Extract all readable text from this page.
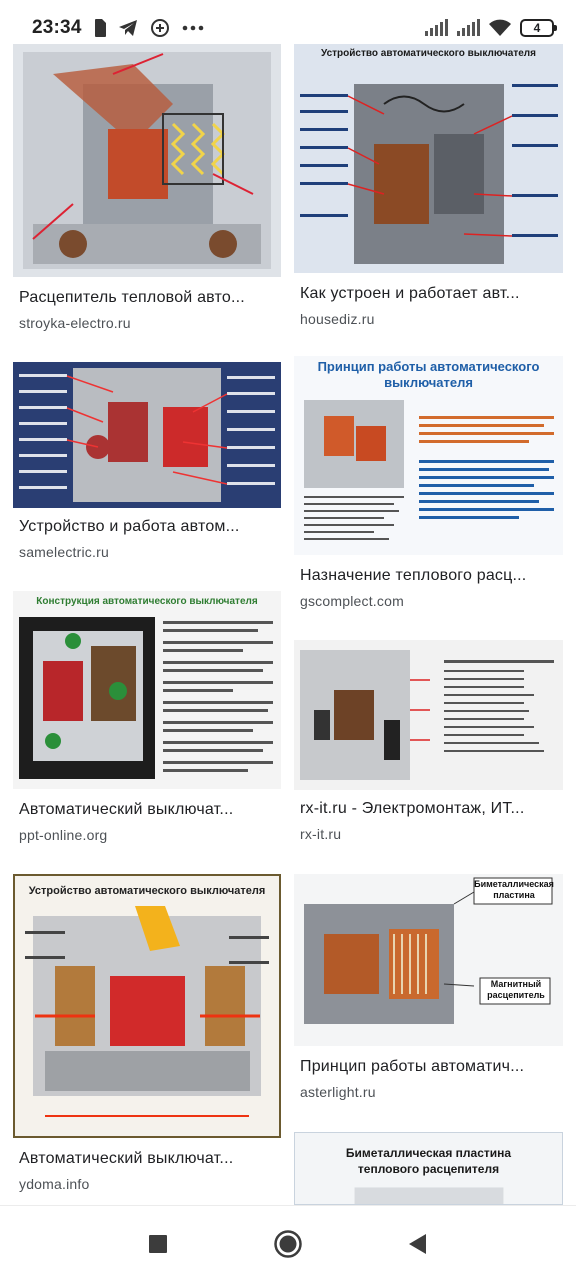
23:34	4
Расцепитель тепловой авто...
stroyka-electro.ru
Устройство и работа автом...
samelectric.ru
Конструкция автоматического выключателя
Автоматический выключат...
ppt-online.org
Устройство автоматического выключателя
Автоматический выключат...
ydoma.info
Устройство автоматического выключателя
Как устроен и работает авт...
housediz.ru
Принцип работы автоматического
выключателя
Назначение теплового расц...
gscomplect.com
rx-it.ru - Электромонтаж, ИТ...
rx-it.ru
Биметаллическая
пластина
Магнитный
расцепитель
Принцип работы автоматич...
asterlight.ru
Биметаллическая пластина
теплового расцепителя
